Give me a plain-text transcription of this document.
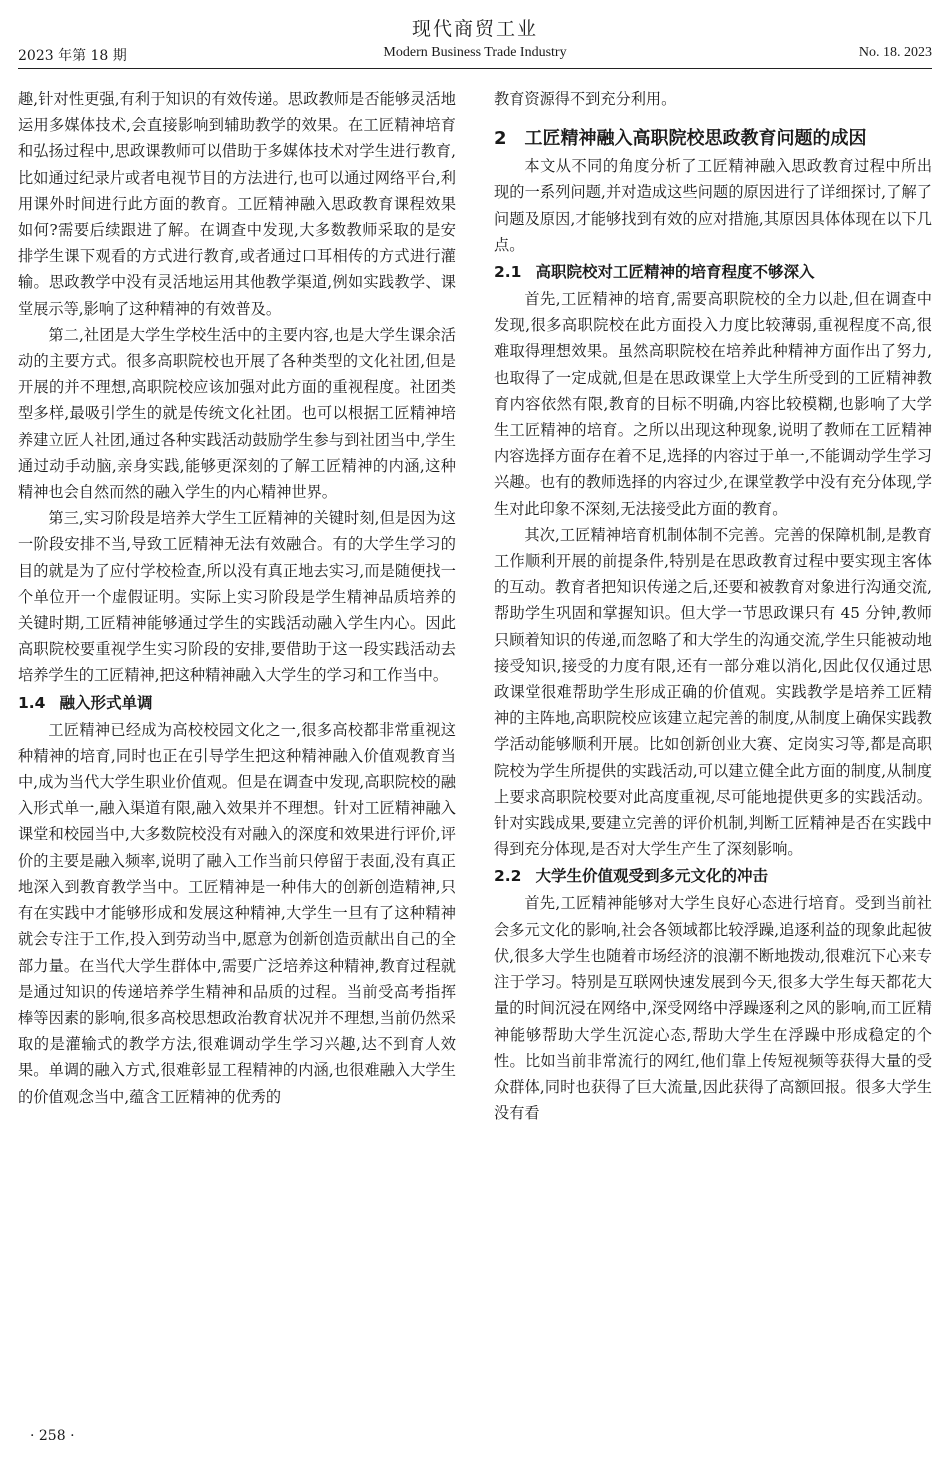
现代商贸工业
2023 年第 18 期	Modern Business Trade Industry	No. 18. 2023

趣,针对性更强,有利于知识的有效传递。思政教师是否能够灵活地运用多媒体技术,会直接影响到辅助教学的效果。在工匠精神培育和弘扬过程中,思政课教师可以借助于多媒体技术对学生进行教育,比如通过纪录片或者电视节目的方法进行,也可以通过网络平台,利用课外时间进行此方面的教育。工匠精神融入思政教育课程效果如何?需要后续跟进了解。在调查中发现,大多数教师采取的是安排学生课下观看的方式进行教育,或者通过口耳相传的方式进行灌输。思政教学中没有灵活地运用其他教学渠道,例如实践教学、课堂展示等,影响了这种精神的有效普及。

第二,社团是大学生学校生活中的主要内容,也是大学生课余活动的主要方式。很多高职院校也开展了各种类型的文化社团,但是开展的并不理想,高职院校应该加强对此方面的重视程度。社团类型多样,最吸引学生的就是传统文化社团。也可以根据工匠精神培养建立匠人社团,通过各种实践活动鼓励学生参与到社团当中,学生通过动手动脑,亲身实践,能够更深刻的了解工匠精神的内涵,这种精神也会自然而然的融入学生的内心精神世界。

第三,实习阶段是培养大学生工匠精神的关键时刻,但是因为这一阶段安排不当,导致工匠精神无法有效融合。有的大学生学习的目的就是为了应付学校检查,所以没有真正地去实习,而是随便找一个单位开一个虚假证明。实际上实习阶段是学生精神品质培养的关键时期,工匠精神能够通过学生的实践活动融入学生内心。因此高职院校要重视学生实习阶段的安排,要借助于这一段实践活动去培养学生的工匠精神,把这种精神融入大学生的学习和工作当中。

1.4 融入形式单调

工匠精神已经成为高校校园文化之一,很多高校都非常重视这种精神的培育,同时也正在引导学生把这种精神融入价值观教育当中,成为当代大学生职业价值观。但是在调查中发现,高职院校的融入形式单一,融入渠道有限,融入效果并不理想。针对工匠精神融入课堂和校园当中,大多数院校没有对融入的深度和效果进行评价,评价的主要是融入频率,说明了融入工作当前只停留于表面,没有真正地深入到教育教学当中。工匠精神是一种伟大的创新创造精神,只有在实践中才能够形成和发展这种精神,大学生一旦有了这种精神就会专注于工作,投入到劳动当中,愿意为创新创造贡献出自己的全部力量。在当代大学生群体中,需要广泛培养这种精神,教育过程就是通过知识的传递培养学生精神和品质的过程。当前受高考指挥棒等因素的影响,很多高校思想政治教育状况并不理想,当前仍然采取的是灌输式的教学方法,很难调动学生学习兴趣,达不到育人效果。单调的融入方式,很难彰显工程精神的内涵,也很难融入大学生的价值观念当中,蕴含工匠精神的优秀的

教育资源得不到充分利用。

2 工匠精神融入高职院校思政教育问题的成因

本文从不同的角度分析了工匠精神融入思政教育过程中所出现的一系列问题,并对造成这些问题的原因进行了详细探讨,了解了问题及原因,才能够找到有效的应对措施,其原因具体体现在以下几点。

2.1 高职院校对工匠精神的培育程度不够深入

首先,工匠精神的培育,需要高职院校的全力以赴,但在调查中发现,很多高职院校在此方面投入力度比较薄弱,重视程度不高,很难取得理想效果。虽然高职院校在培养此种精神方面作出了努力,也取得了一定成就,但是在思政课堂上大学生所受到的工匠精神教育内容依然有限,教育的目标不明确,内容比较模糊,也影响了大学生工匠精神的培育。之所以出现这种现象,说明了教师在工匠精神内容选择方面存在着不足,选择的内容过于单一,不能调动学生学习兴趣。也有的教师选择的内容过少,在课堂教学中没有充分体现,学生对此印象不深刻,无法接受此方面的教育。

其次,工匠精神培育机制体制不完善。完善的保障机制,是教育工作顺利开展的前提条件,特别是在思政教育过程中要实现主客体的互动。教育者把知识传递之后,还要和被教育对象进行沟通交流,帮助学生巩固和掌握知识。但大学一节思政课只有 45 分钟,教师只顾着知识的传递,而忽略了和大学生的沟通交流,学生只能被动地接受知识,接受的力度有限,还有一部分难以消化,因此仅仅通过思政课堂很难帮助学生形成正确的价值观。实践教学是培养工匠精神的主阵地,高职院校应该建立起完善的制度,从制度上确保实践教学活动能够顺利开展。比如创新创业大赛、定岗实习等,都是高职院校为学生所提供的实践活动,可以建立健全此方面的制度,从制度上要求高职院校要对此高度重视,尽可能地提供更多的实践活动。针对实践成果,要建立完善的评价机制,判断工匠精神是否在实践中得到充分体现,是否对大学生产生了深刻影响。

2.2 大学生价值观受到多元文化的冲击

首先,工匠精神能够对大学生良好心态进行培育。受到当前社会多元文化的影响,社会各领域都比较浮躁,追逐利益的现象此起彼伏,很多大学生也随着市场经济的浪潮不断地拨动,很难沉下心来专注于学习。特别是互联网快速发展到今天,很多大学生每天都花大量的时间沉浸在网络中,深受网络中浮躁逐利之风的影响,而工匠精神能够帮助大学生沉淀心态,帮助大学生在浮躁中形成稳定的个性。比如当前非常流行的网红,他们靠上传短视频等获得大量的受众群体,同时也获得了巨大流量,因此获得了高额回报。很多大学生没有看

· 258 ·
